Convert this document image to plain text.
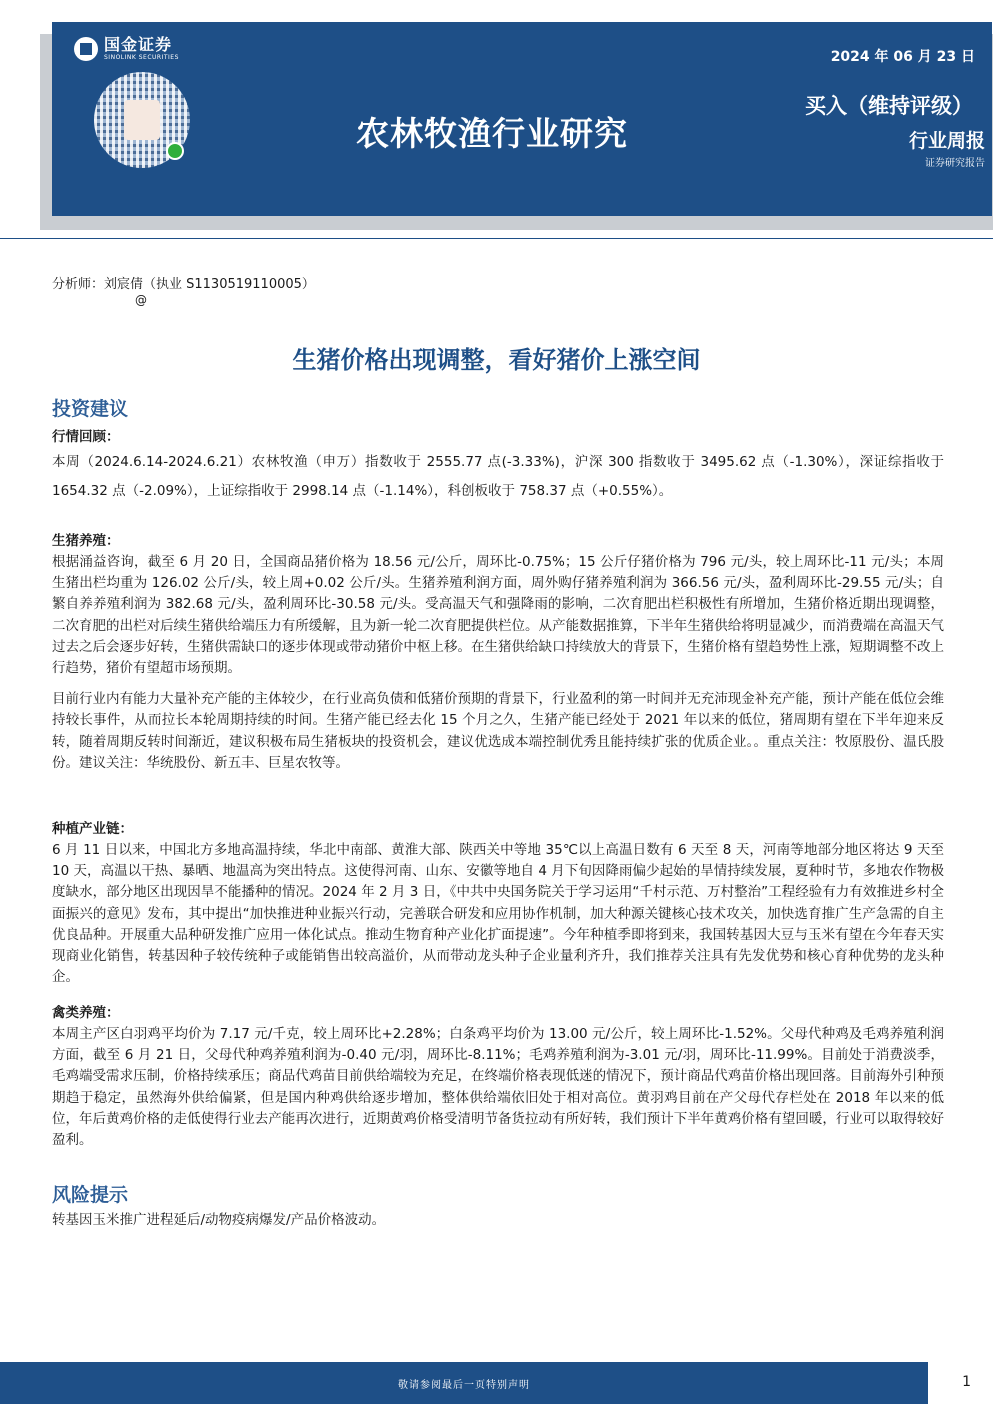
国金证券
SINOLINK SECURITIES
农林牧渔行业研究
2024 年 06 月 23 日
买入（维持评级）
行业周报
证券研究报告
分析师：刘宸倩（执业 S1130519110005）
@
生猪价格出现调整，看好猪价上涨空间
投资建议
行情回顾：
本周（2024.6.14-2024.6.21）农林牧渔（申万）指数收于 2555.77 点(-3.33%)，沪深 300 指数收于 3495.62 点（-1.30%），深证综指收于 1654.32 点（-2.09%），上证综指收于 2998.14 点（-1.14%），科创板收于 758.37 点（+0.55%）。
生猪养殖：
根据涌益咨询，截至 6 月 20 日，全国商品猪价格为 18.56 元/公斤，周环比-0.75%；15 公斤仔猪价格为 796 元/头，较上周环比-11 元/头；本周生猪出栏均重为 126.02 公斤/头，较上周+0.02 公斤/头。生猪养殖利润方面，周外购仔猪养殖利润为 366.56 元/头，盈利周环比-29.55 元/头；自繁自养养殖利润为 382.68 元/头，盈利周环比-30.58 元/头。受高温天气和强降雨的影响，二次育肥出栏积极性有所增加，生猪价格近期出现调整，二次育肥的出栏对后续生猪供给端压力有所缓解，且为新一轮二次育肥提供栏位。从产能数据推算，下半年生猪供给将明显减少，而消费端在高温天气过去之后会逐步好转，生猪供需缺口的逐步体现或带动猪价中枢上移。在生猪供给缺口持续放大的背景下，生猪价格有望趋势性上涨，短期调整不改上行趋势，猪价有望超市场预期。
目前行业内有能力大量补充产能的主体较少，在行业高负债和低猪价预期的背景下，行业盈利的第一时间并无充沛现金补充产能，预计产能在低位会维持较长事件，从而拉长本轮周期持续的时间。生猪产能已经去化 15 个月之久，生猪产能已经处于 2021 年以来的低位，猪周期有望在下半年迎来反转，随着周期反转时间渐近，建议积极布局生猪板块的投资机会，建议优选成本端控制优秀且能持续扩张的优质企业。。重点关注：牧原股份、温氏股份。建议关注：华统股份、新五丰、巨星农牧等。
种植产业链：
6 月 11 日以来，中国北方多地高温持续，华北中南部、黄淮大部、陕西关中等地 35℃以上高温日数有 6 天至 8 天，河南等地部分地区将达 9 天至 10 天，高温以干热、暴晒、地温高为突出特点。这使得河南、山东、安徽等地自 4 月下旬因降雨偏少起始的旱情持续发展，夏种时节，多地农作物极度缺水，部分地区出现因旱不能播种的情况。2024 年 2 月 3 日，《中共中央国务院关于学习运用“千村示范、万村整治”工程经验有力有效推进乡村全面振兴的意见》发布，其中提出“加快推进种业振兴行动，完善联合研发和应用协作机制，加大种源关键核心技术攻关，加快选育推广生产急需的自主优良品种。开展重大品种研发推广应用一体化试点。推动生物育种产业化扩面提速”。今年种植季即将到来，我国转基因大豆与玉米有望在今年春天实现商业化销售，转基因种子较传统种子或能销售出较高溢价，从而带动龙头种子企业量利齐升，我们推荐关注具有先发优势和核心育种优势的龙头种企。
禽类养殖：
本周主产区白羽鸡平均价为 7.17 元/千克，较上周环比+2.28%；白条鸡平均价为 13.00 元/公斤，较上周环比-1.52%。父母代种鸡及毛鸡养殖利润方面，截至 6 月 21 日，父母代种鸡养殖利润为-0.40 元/羽，周环比-8.11%；毛鸡养殖利润为-3.01 元/羽，周环比-11.99%。目前处于消费淡季，毛鸡端受需求压制，价格持续承压；商品代鸡苗目前供给端较为充足，在终端价格表现低迷的情况下，预计商品代鸡苗价格出现回落。目前海外引种预期趋于稳定，虽然海外供给偏紧，但是国内种鸡供给逐步增加，整体供给端依旧处于相对高位。黄羽鸡目前在产父母代存栏处在 2018 年以来的低位，年后黄鸡价格的走低使得行业去产能再次进行，近期黄鸡价格受清明节备货拉动有所好转，我们预计下半年黄鸡价格有望回暖，行业可以取得较好盈利。
风险提示
转基因玉米推广进程延后/动物疫病爆发/产品价格波动。
敬请参阅最后一页特别声明	1
